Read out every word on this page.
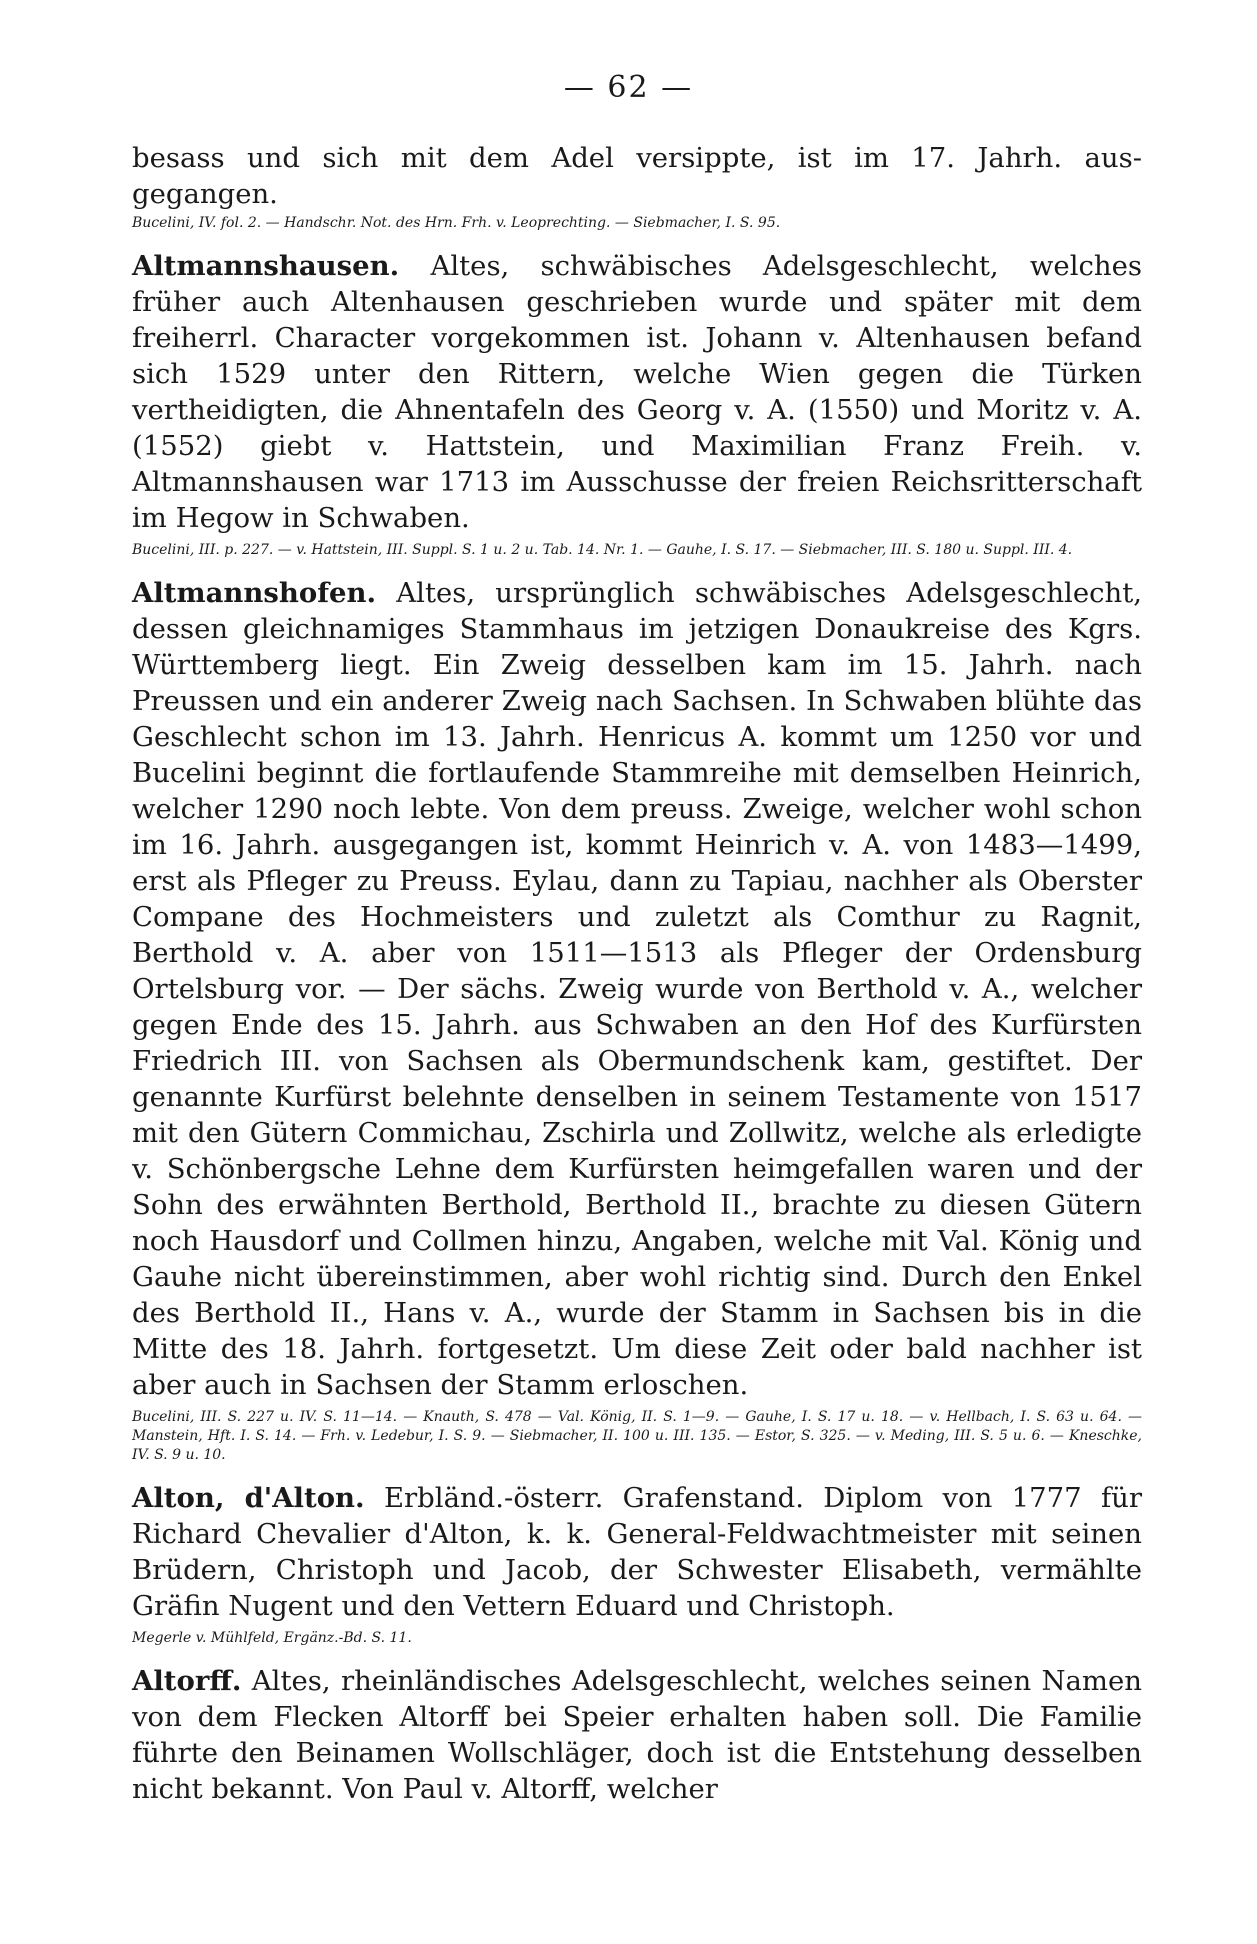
— 62 —

besass und sich mit dem Adel versippte, ist im 17. Jahrh. aus- gegangen.

Bucelini, IV. fol. 2. — Handschr. Not. des Hrn. Frh. v. Leoprechting. — Siebmacher, I. S. 95.

Altmannshausen. Altes, schwäbisches Adelsgeschlecht, welches früher auch Altenhausen geschrieben wurde und später mit dem freiherrl. Character vorgekommen ist. Johann v. Altenhausen befand sich 1529 unter den Rittern, welche Wien gegen die Türken vertheidigten, die Ahnentafeln des Georg v. A. (1550) und Moritz v. A. (1552) giebt v. Hattstein, und Maximilian Franz Freih. v. Altmannshausen war 1713 im Ausschusse der freien Reichsritterschaft im Hegow in Schwaben.

Bucelini, III. p. 227. — v. Hattstein, III. Suppl. S. 1 u. 2 u. Tab. 14. Nr. 1. — Gauhe, I. S. 17. — Siebmacher, III. S. 180 u. Suppl. III. 4.

Altmannshofen. Altes, ursprünglich schwäbisches Adelsgeschlecht, dessen gleichnamiges Stammhaus im jetzigen Donaukreise des Kgrs. Württemberg liegt. Ein Zweig desselben kam im 15. Jahrh. nach Preussen und ein anderer Zweig nach Sachsen. In Schwaben blühte das Geschlecht schon im 13. Jahrh. Henricus A. kommt um 1250 vor und Bucelini beginnt die fortlaufende Stammreihe mit demselben Heinrich, welcher 1290 noch lebte. Von dem preuss. Zweige, welcher wohl schon im 16. Jahrh. ausgegangen ist, kommt Heinrich v. A. von 1483—1499, erst als Pfleger zu Preuss. Eylau, dann zu Tapiau, nachher als Oberster Compane des Hochmeisters und zuletzt als Comthur zu Ragnit, Berthold v. A. aber von 1511—1513 als Pfleger der Ordensburg Ortelsburg vor. — Der sächs. Zweig wurde von Berthold v. A., welcher gegen Ende des 15. Jahrh. aus Schwaben an den Hof des Kurfürsten Friedrich III. von Sachsen als Obermundschenk kam, gestiftet. Der genannte Kurfürst belehnte denselben in seinem Testamente von 1517 mit den Gütern Commichau, Zschirla und Zollwitz, welche als erledigte v. Schönbergsche Lehne dem Kurfürsten heimgefallen waren und der Sohn des erwähnten Berthold, Berthold II., brachte zu diesen Gütern noch Hausdorf und Collmen hinzu, Angaben, welche mit Val. König und Gauhe nicht übereinstimmen, aber wohl richtig sind. Durch den Enkel des Berthold II., Hans v. A., wurde der Stamm in Sachsen bis in die Mitte des 18. Jahrh. fortgesetzt. Um diese Zeit oder bald nachher ist aber auch in Sachsen der Stamm erloschen.

Bucelini, III. S. 227 u. IV. S. 11—14. — Knauth, S. 478 — Val. König, II. S. 1—9. — Gauhe, I. S. 17 u. 18. — v. Hellbach, I. S. 63 u. 64. — Manstein, Hft. I. S. 14. — Frh. v. Ledebur, I. S. 9. — Siebmacher, II. 100 u. III. 135. — Estor, S. 325. — v. Meding, III. S. 5 u. 6. — Kneschke, IV. S. 9 u. 10.

Alton, d'Alton. Erbländ.-österr. Grafenstand. Diplom von 1777 für Richard Chevalier d'Alton, k. k. General-Feldwachtmeister mit seinen Brüdern, Christoph und Jacob, der Schwester Elisabeth, vermählte Gräfin Nugent und den Vettern Eduard und Christoph.

Megerle v. Mühlfeld, Ergänz.-Bd. S. 11.

Altorff. Altes, rheinländisches Adelsgeschlecht, welches seinen Namen von dem Flecken Altorff bei Speier erhalten haben soll. Die Familie führte den Beinamen Wollschläger, doch ist die Entstehung desselben nicht bekannt. Von Paul v. Altorff, welcher
